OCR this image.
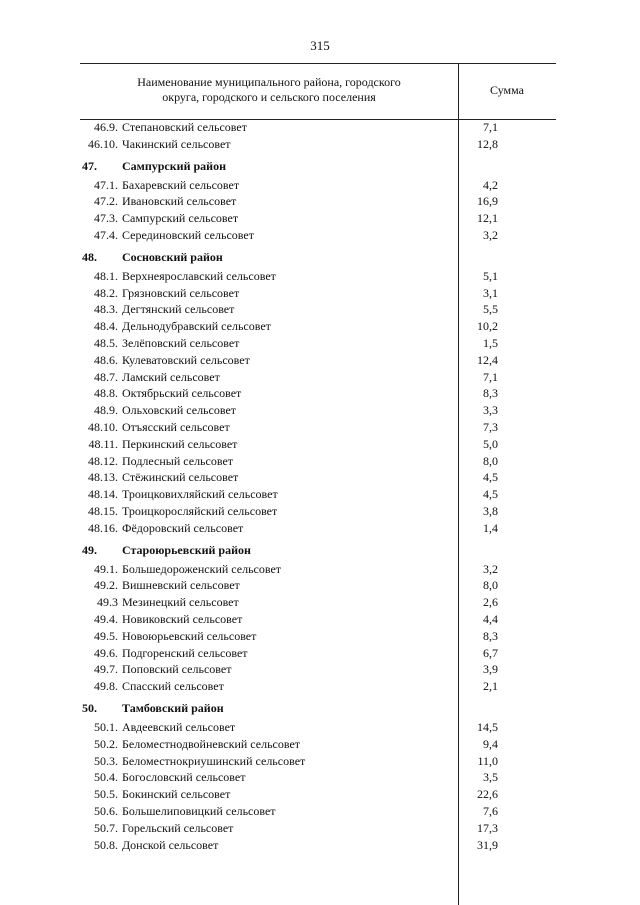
315
Наименование муниципального района, городского
округа, городского и сельского поселения	Сумма
46.9. Степановский сельсовет	7,1
46.10. Чакинский сельсовет	12,8
47.	Сампурский район
47.1. Бахаревский сельсовет	4,2
47.2. Ивановский сельсовет	16,9
47.3. Сампурский сельсовет	12,1
47.4. Серединовский сельсовет	3,2
48.	Сосновский район
48.1. Верхнеярославский сельсовет	5,1
48.2. Грязновский сельсовет	3,1
48.3. Дегтянский сельсовет	5,5
48.4. Дельнодубравский сельсовет	10,2
48.5. Зелёповский сельсовет	1,5
48.6. Кулеватовский сельсовет	12,4
48.7. Ламский сельсовет	7,1
48.8. Октябрьский сельсовет	8,3
48.9. Ольховский сельсовет	3,3
48.10. Отъясский сельсовет	7,3
48.11. Перкинский сельсовет	5,0
48.12. Подлесный сельсовет	8,0
48.13. Стёжинский сельсовет	4,5
48.14. Троицковихляйский сельсовет	4,5
48.15. Троицкоросляйский сельсовет	3,8
48.16. Фёдоровский сельсовет	1,4
49.	Староюрьевский район
49.1. Большедороженский сельсовет	3,2
49.2. Вишневский сельсовет	8,0
49.3 Мезинецкий сельсовет	2,6
49.4. Новиковский сельсовет	4,4
49.5. Новоюрьевский сельсовет	8,3
49.6. Подгоренский сельсовет	6,7
49.7. Поповский сельсовет	3,9
49.8. Спасский сельсовет	2,1
50.	Тамбовский район
50.1. Авдеевский сельсовет	14,5
50.2. Беломестнодвойневский сельсовет	9,4
50.3. Беломестнокриушинский сельсовет	11,0
50.4. Богословский сельсовет	3,5
50.5. Бокинский сельсовет	22,6
50.6. Большелиповицкий сельсовет	7,6
50.7. Горельский сельсовет	17,3
50.8. Донской сельсовет	31,9
